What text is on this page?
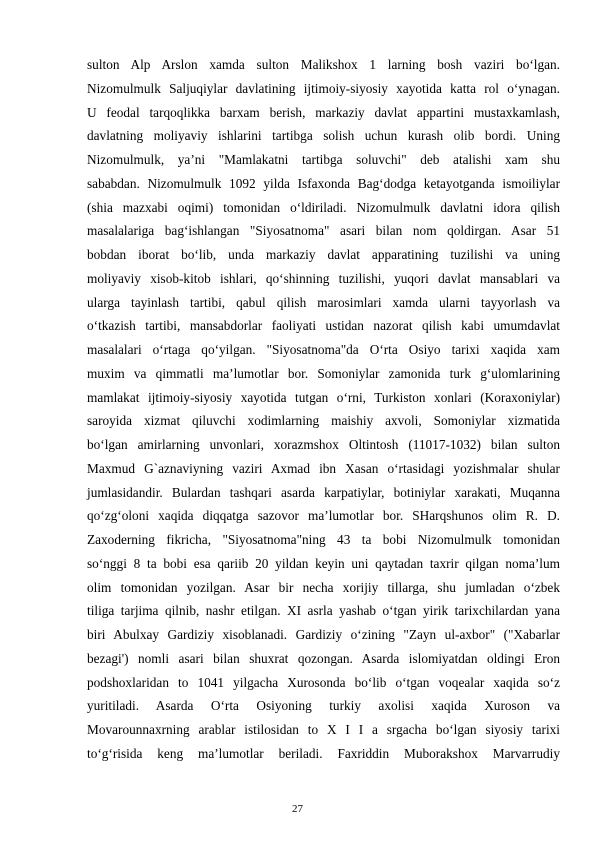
sulton Alp Arslon xamda sulton Malikshox 1 larning bosh vaziri bo‘lgan.
Nizomulmulk Saljuqiylar davlatining ijtimoiy-siyosiy xayotida katta rol o‘ynagan.
U feodal tarqoqlikka barxam berish, markaziy davlat appartini mustaxkamlash,
davlatning moliyaviy ishlarini tartibga solish uchun kurash olib bordi. Uning
Nizomulmulk, ya’ni "Mamlakatni tartibga soluvchi" deb atalishi xam shu
sababdan. Nizomulmulk 1092 yilda Isfaxonda Bag‘dodga ketayotganda ismoiliylar
(shia mazxabi oqimi) tomonidan o‘ldiriladi. Nizomulmulk davlatni idora qilish
masalalariga bag‘ishlangan "Siyosatnoma" asari bilan nom qoldirgan. Asar 51
bobdan iborat bo‘lib, unda markaziy davlat apparatining tuzilishi va uning
moliyaviy xisob-kitob ishlari, qo‘shinning tuzilishi, yuqori davlat mansablari va
ularga tayinlash tartibi, qabul qilish marosimlari xamda ularni tayyorlash va
o‘tkazish tartibi, mansabdorlar faoliyati ustidan nazorat qilish kabi umumdavlat
masalalari o‘rtaga qo‘yilgan. "Siyosatnoma"da O‘rta Osiyo tarixi xaqida xam
muxim va qimmatli ma’lumotlar bor. Somoniylar zamonida turk g‘ulomlarining
mamlakat ijtimoiy-siyosiy xayotida tutgan o‘rni, Turkiston xonlari (Koraxoniylar)
saroyida xizmat qiluvchi xodimlarning maishiy axvoli, Somoniylar xizmatida
bo‘lgan amirlarning unvonlari, xorazmshox Oltintosh (11017-1032) bilan sulton
Maxmud G`aznaviyning vaziri Axmad ibn Xasan o‘rtasidagi yozishmalar shular
jumlasidandir. Bulardan tashqari asarda karpatiylar, botiniylar xarakati, Muqanna
qo‘zg‘oloni xaqida diqqatga sazovor ma’lumotlar bor. SHarqshunos olim R. D.
Zaxoderning fikricha, "Siyosatnoma"ning 43 ta bobi Nizomulmulk tomonidan
so‘nggi 8 ta bobi esa qariib 20 yildan keyin uni qaytadan taxrir qilgan noma’lum
olim tomonidan yozilgan. Asar bir necha xorijiy tillarga, shu jumladan o‘zbek
tiliga tarjima qilnib, nashr etilgan. XI asrla yashab o‘tgan yirik tarixchilardan yana
biri Abulxay Gardiziy xisoblanadi. Gardiziy o‘zining "Zayn ul-axbor" ("Xabarlar
bezagi') nomli asari bilan shuxrat qozongan. Asarda islomiyatdan oldingi Eron
podshoxlaridan to 1041 yilgacha Xurosonda bo‘lib o‘tgan voqealar xaqida so‘z
yuritiladi. Asarda O‘rta Osiyoning turkiy axolisi xaqida Xuroson va
Movarounnaxrning arablar istilosidan to X I I a srgacha bo‘lgan siyosiy tarixi
to‘g‘risida keng ma’lumotlar beriladi. Faxriddin Muborakshox Marvarrudiy
27
